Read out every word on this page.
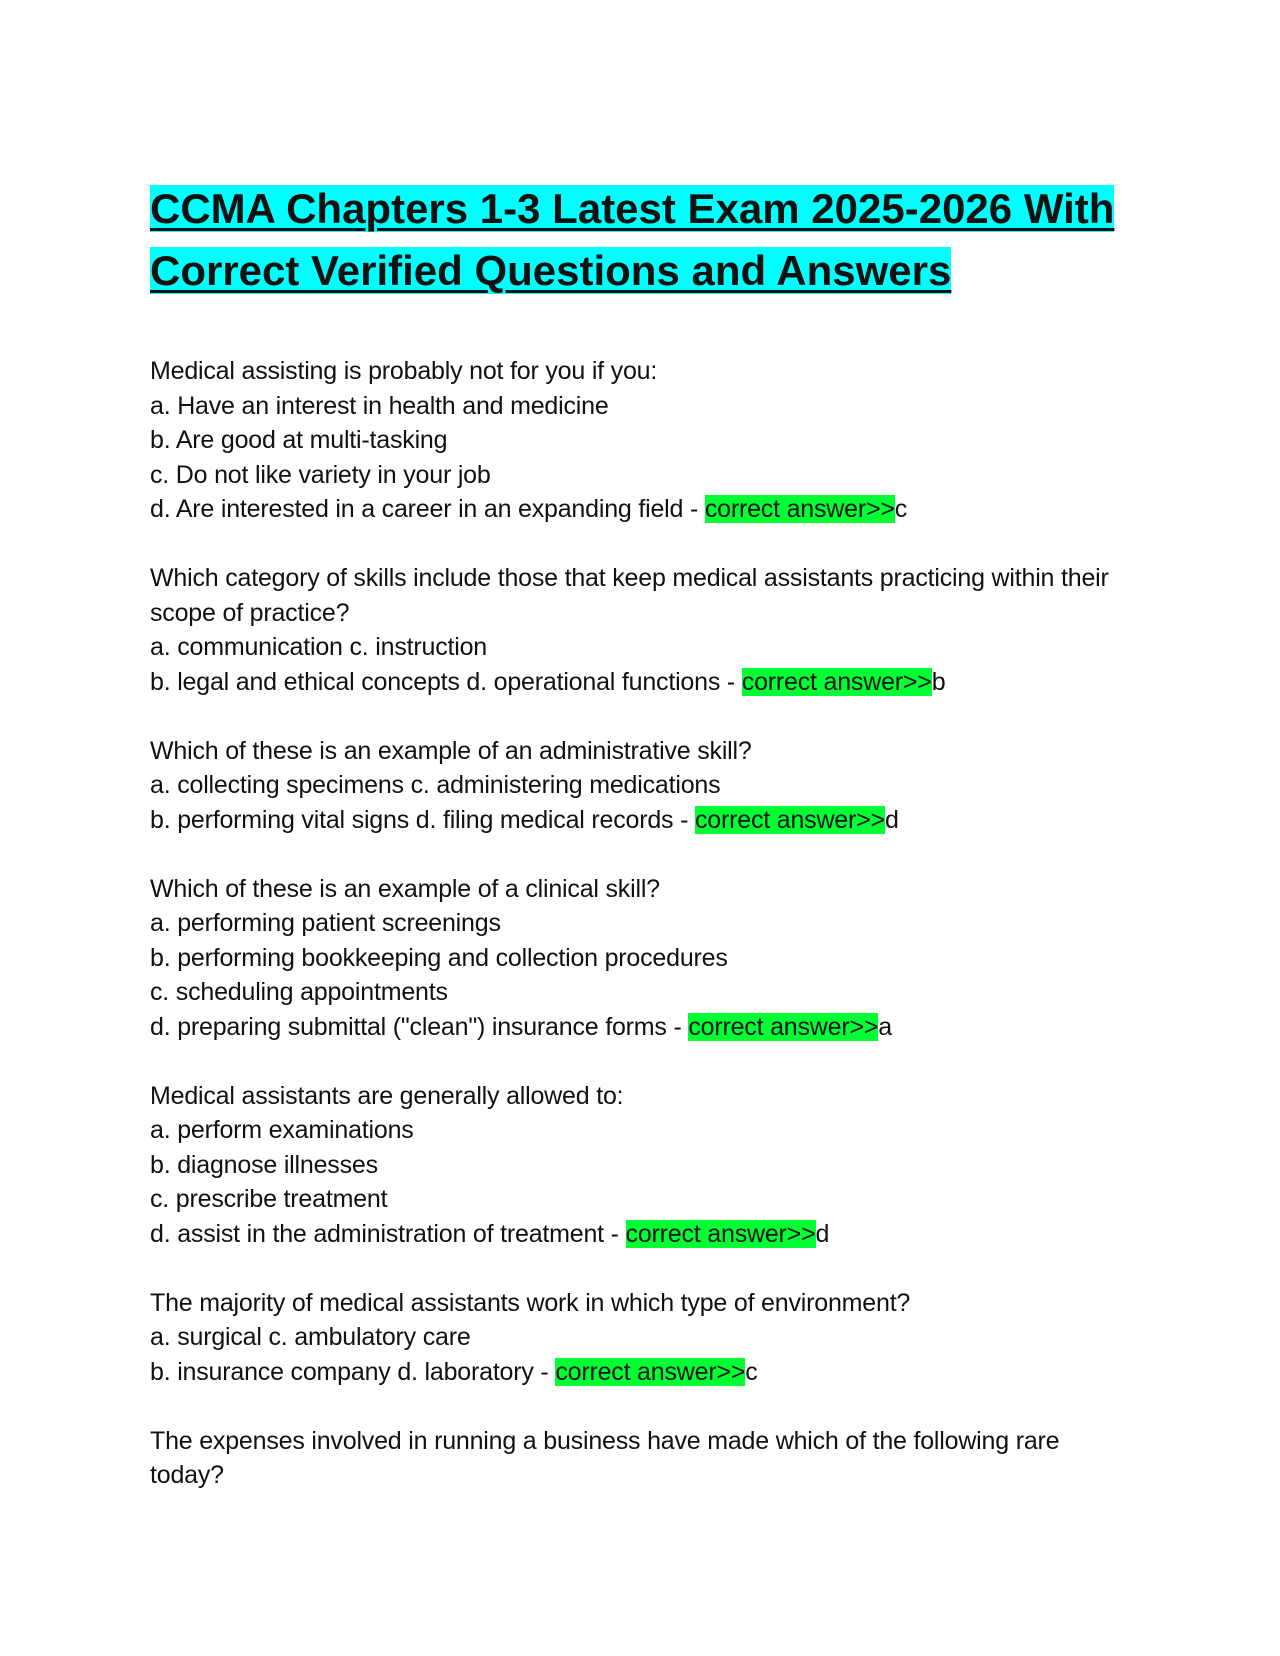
CCMA Chapters 1-3 Latest Exam 2025-2026 With Correct Verified Questions and Answers

Medical assisting is probably not for you if you:

a. Have an interest in health and medicine

b. Are good at multi-tasking

c. Do not like variety in your job

d. Are interested in a career in an expanding field - correct answer>>c

Which category of skills include those that keep medical assistants practicing within their scope of practice?

a. communication c. instruction

b. legal and ethical concepts d. operational functions - correct answer>>b

Which of these is an example of an administrative skill?

a. collecting specimens c. administering medications

b. performing vital signs d. filing medical records - correct answer>>d

Which of these is an example of a clinical skill?

a. performing patient screenings

b. performing bookkeeping and collection procedures

c. scheduling appointments

d. preparing submittal ("clean") insurance forms - correct answer>>a

Medical assistants are generally allowed to:

a. perform examinations

b. diagnose illnesses

c. prescribe treatment

d. assist in the administration of treatment - correct answer>>d

The majority of medical assistants work in which type of environment?

a. surgical c. ambulatory care

b. insurance company d. laboratory - correct answer>>c

The expenses involved in running a business have made which of the following rare today?
